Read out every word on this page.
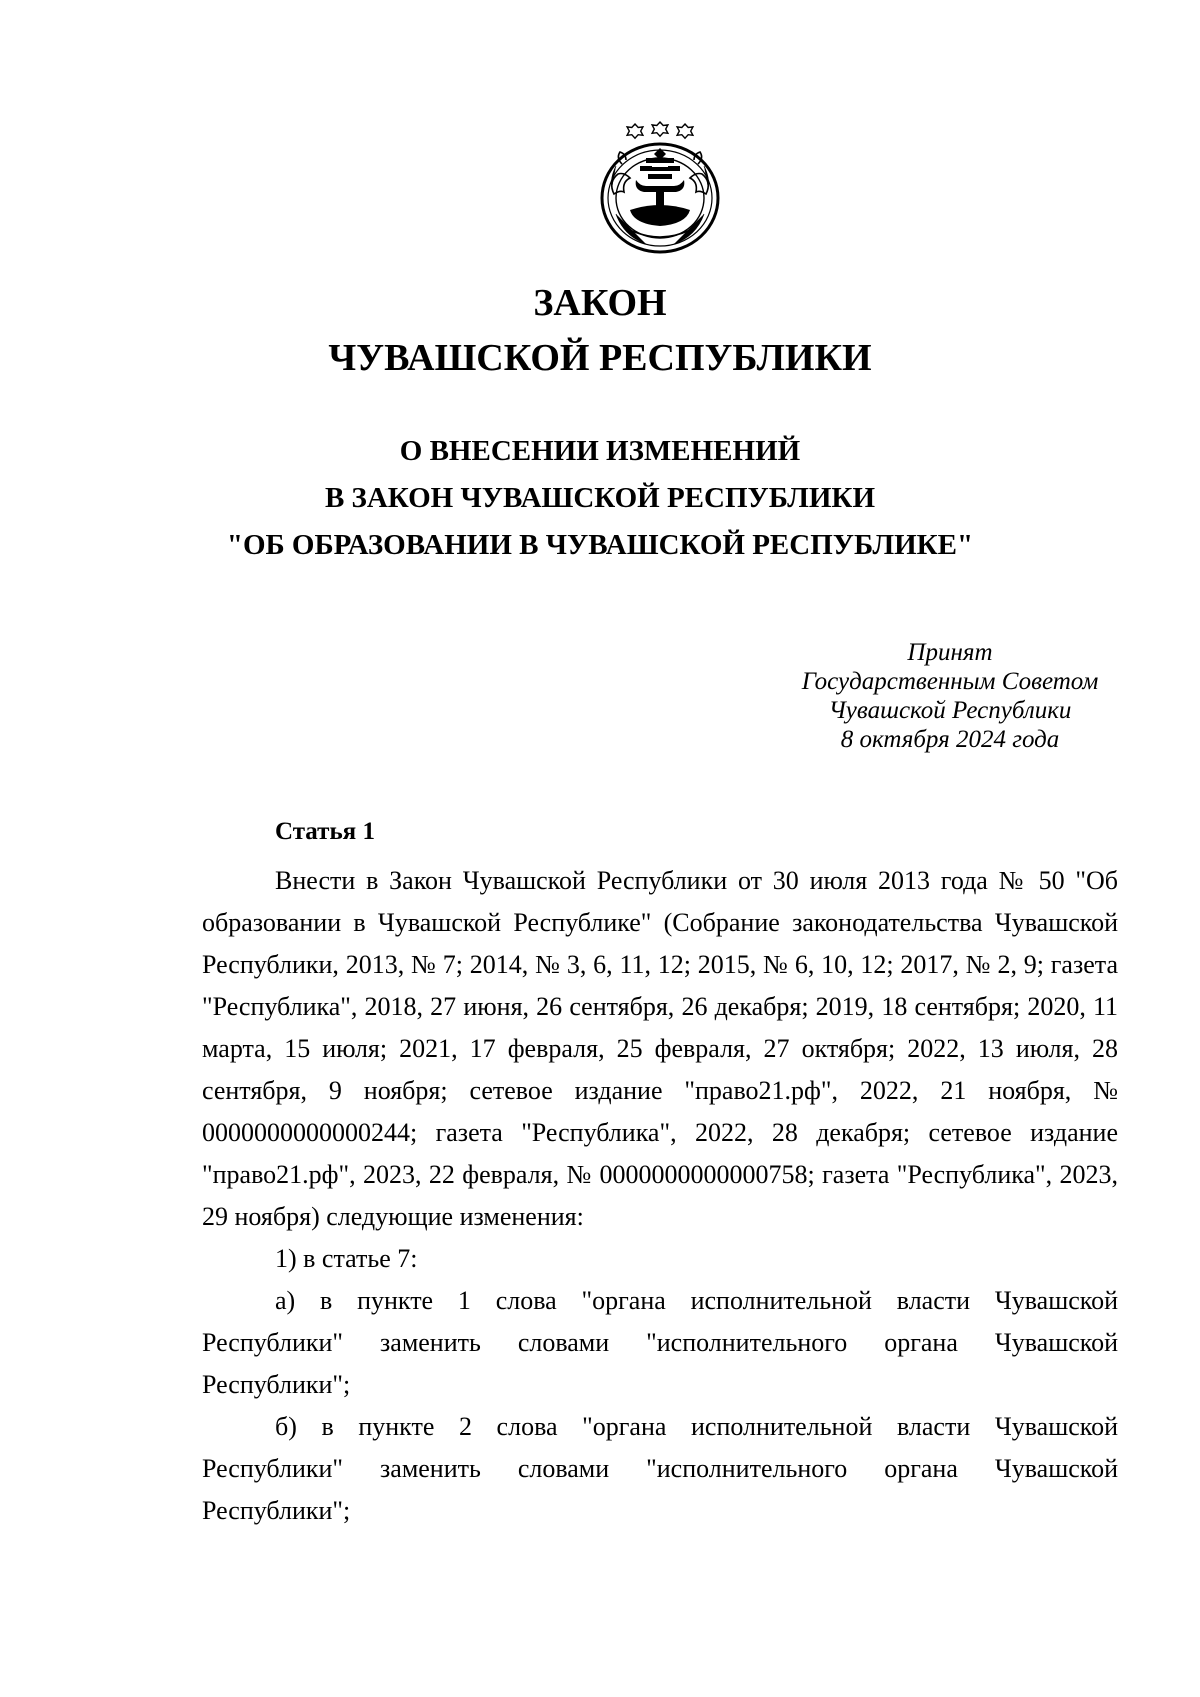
ЗАКОН
ЧУВАШСКОЙ РЕСПУБЛИКИ
О ВНЕСЕНИИ ИЗМЕНЕНИЙ
В ЗАКОН ЧУВАШСКОЙ РЕСПУБЛИКИ
"ОБ ОБРАЗОВАНИИ В ЧУВАШСКОЙ РЕСПУБЛИКЕ"
Принят
Государственным Советом
Чувашской Республики
8 октября 2024 года
Статья 1

Внести в Закон Чувашской Республики от 30 июля 2013 года № 50 "Об образовании в Чувашской Республике" (Собрание законодательства Чувашской Республики, 2013, № 7; 2014, № 3, 6, 11, 12; 2015, № 6, 10, 12; 2017, № 2, 9; газета "Республика", 2018, 27 июня, 26 сентября, 26 декабря; 2019, 18 сентября; 2020, 11 марта, 15 июля; 2021, 17 февраля, 25 февраля, 27 октября; 2022, 13 июля, 28 сентября, 9 ноября; сетевое издание "право21.рф", 2022, 21 ноября, № 0000000000000244; газета "Республика", 2022, 28 декабря; сетевое издание "право21.рф", 2023, 22 февраля, № 0000000000000758; газета "Республика", 2023, 29 ноября) следующие изменения:

1) в статье 7:

а) в пункте 1 слова "органа исполнительной власти Чувашской Республики" заменить словами "исполнительного органа Чувашской Республики";

б) в пункте 2 слова "органа исполнительной власти Чувашской Республики" заменить словами "исполнительного органа Чувашской Республики";
